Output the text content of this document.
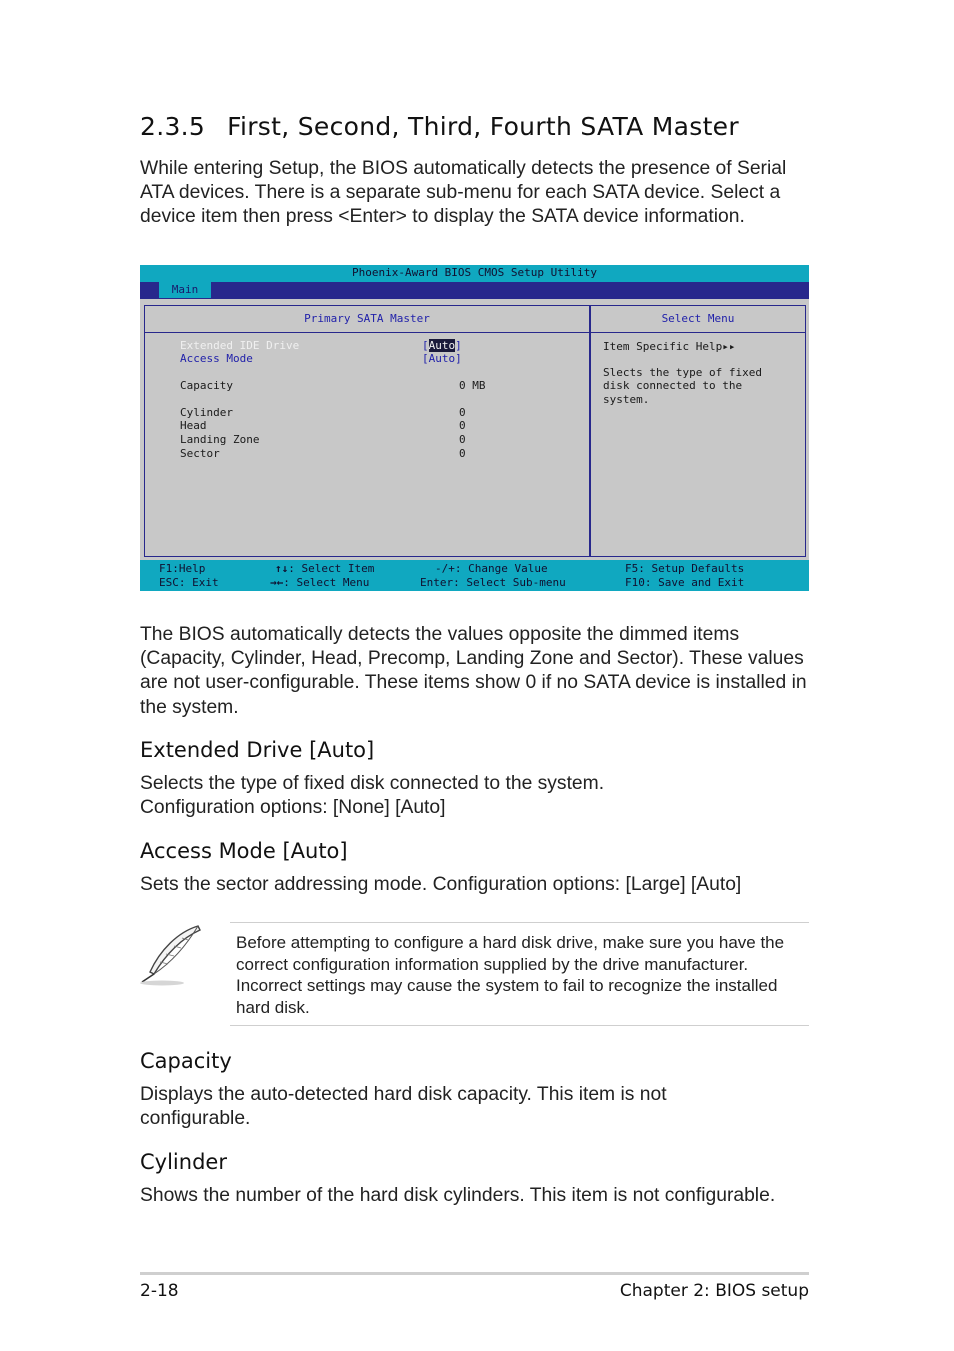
2.3.5 First, Second, Third, Fourth SATA Master
While entering Setup, the BIOS automatically detects the presence of Serial ATA devices. There is a separate sub-menu for each SATA device. Select a device item then press <Enter> to display the SATA device information.
Phoenix-Award BIOS CMOS Setup Utility
Main
Primary SATA Master
Extended IDE Drive	[Auto]
Access Mode	[Auto]
Capacity	0 MB
Cylinder	0
Head	0
Landing Zone	0
Sector	0
Select Menu
Item Specific Help▸▸
Slects the type of fixed
disk connected to the
system.
F1:Help
ESC: Exit
↑↓: Select Item
→←: Select Menu
-/+: Change Value
Enter: Select Sub-menu
F5: Setup Defaults
F10: Save and Exit
The BIOS automatically detects the values opposite the dimmed items (Capacity, Cylinder, Head, Precomp, Landing Zone and Sector). These values are not user-configurable. These items show 0 if no SATA device is installed in the system.
Extended Drive [Auto]
Selects the type of fixed disk connected to the system.
Configuration options: [None] [Auto]
Access Mode [Auto]
Sets the sector addressing mode. Configuration options: [Large] [Auto]
Before attempting to configure a hard disk drive, make sure you have the correct configuration information supplied by the drive manufacturer. Incorrect settings may cause the system to fail to recognize the installed hard disk.
Capacity
Displays the auto-detected hard disk capacity. This item is not configurable.
Cylinder
Shows the number of the hard disk cylinders. This item is not configurable.
2-18	Chapter 2: BIOS setup
